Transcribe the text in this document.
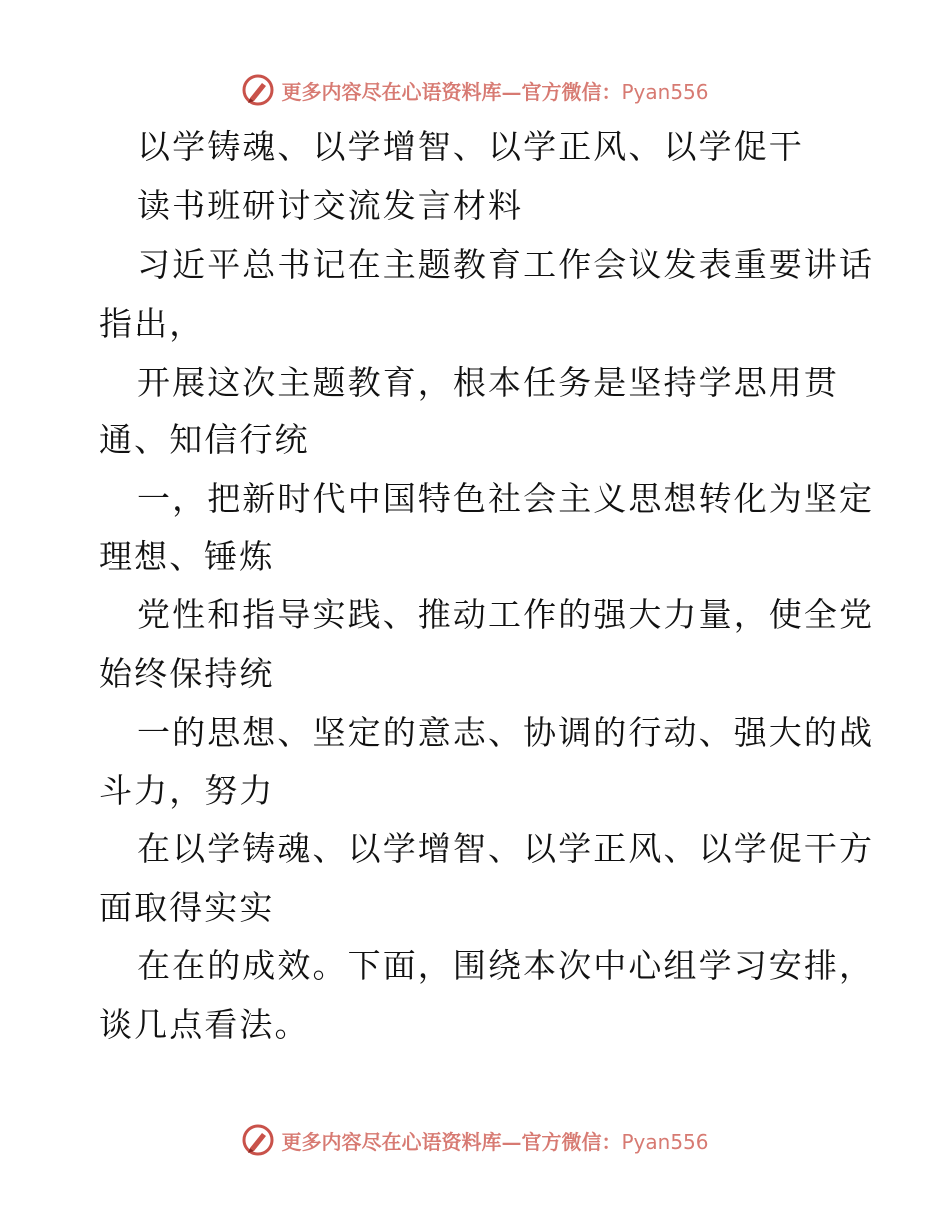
更多内容尽在心语资料库—官方微信：Pyan556
以学铸魂、以学增智、以学正风、以学促干
读书班研讨交流发言材料
习近平总书记在主题教育工作会议发表重要讲话
指出，
开展这次主题教育，根本任务是坚持学思用贯
通、知信行统
一，把新时代中国特色社会主义思想转化为坚定
理想、锤炼
党性和指导实践、推动工作的强大力量，使全党
始终保持统
一的思想、坚定的意志、协调的行动、强大的战
斗力，努力
在以学铸魂、以学增智、以学正风、以学促干方
面取得实实
在在的成效。下面，围绕本次中心组学习安排，
谈几点看法。
更多内容尽在心语资料库—官方微信：Pyan556
